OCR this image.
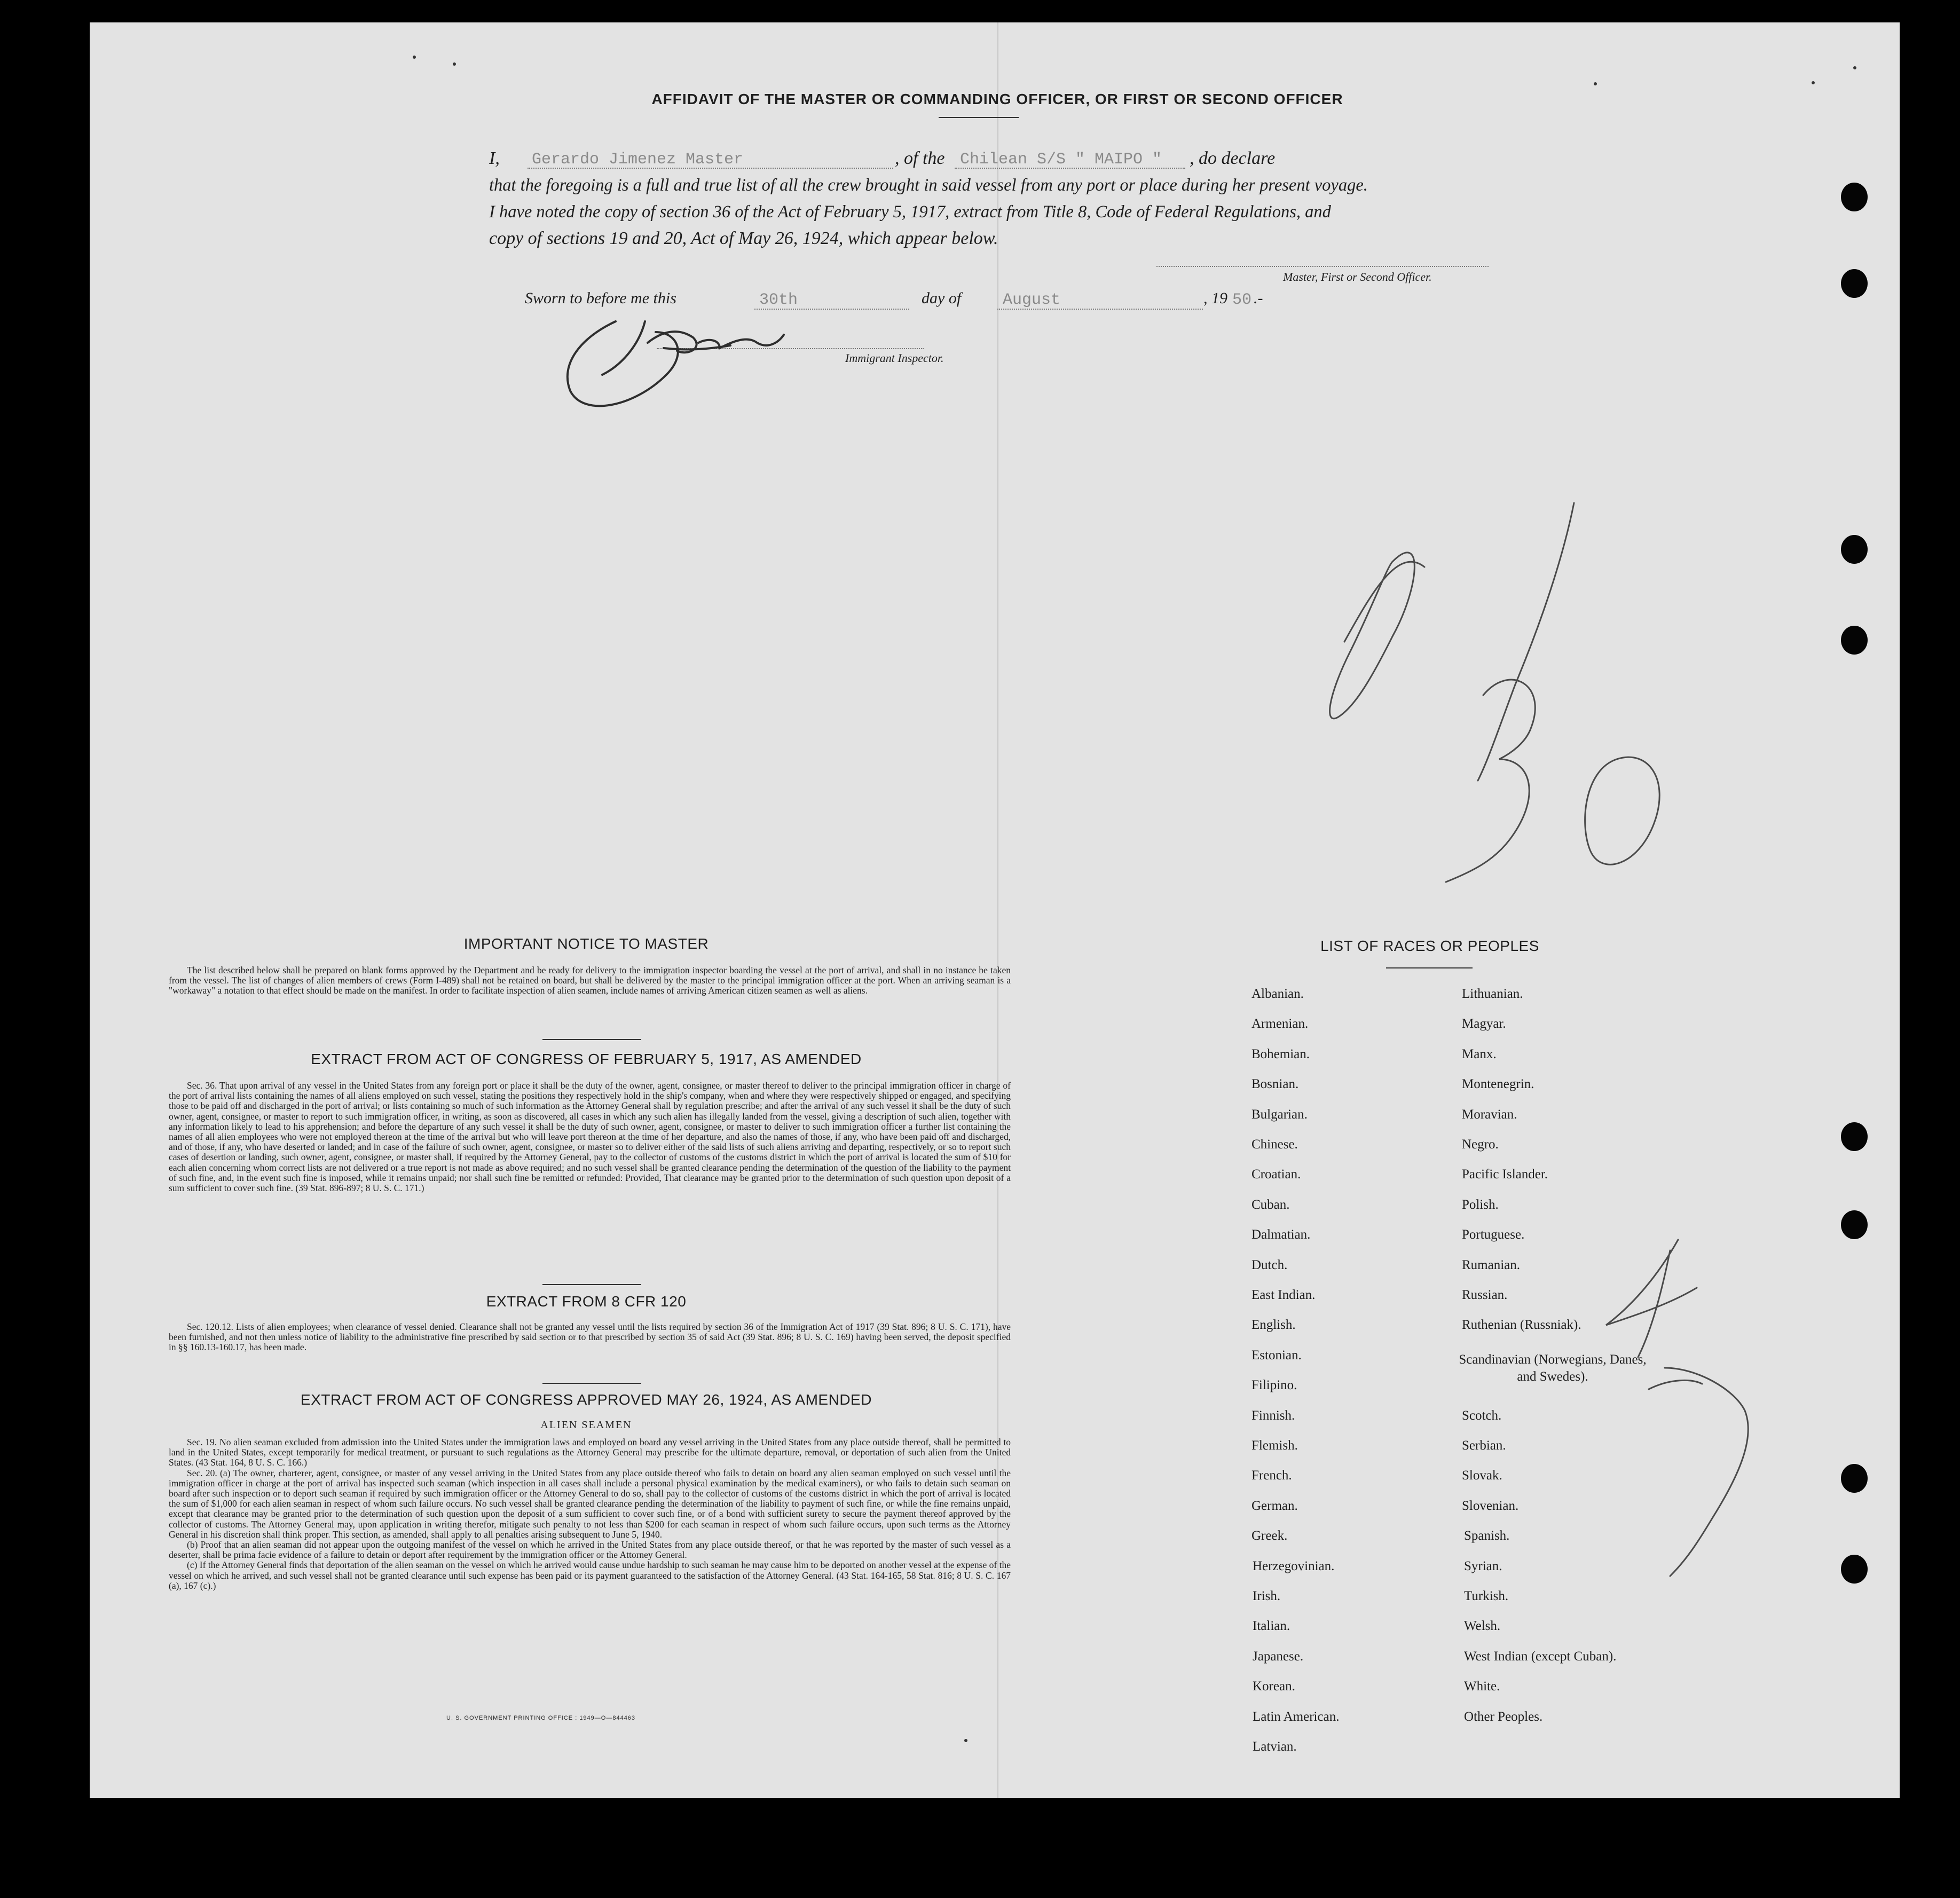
AFFIDAVIT OF THE MASTER OR COMMANDING OFFICER, OR FIRST OR SECOND OFFICER
I, Gerardo Jimenez Master	, of the Chilean S/S " MAIPO " , do declare
that the foregoing is a full and true list of all the crew brought in said vessel from any port or place during her present voyage.
I have noted the copy of section 36 of the Act of February 5, 1917, extract from Title 8, Code of Federal Regulations, and
copy of sections 19 and 20, Act of May 26, 1924, which appear below.
Master, First or Second Officer.
Sworn to before me this	30th	day of	August	, 19 50 .-
Immigrant Inspector.
IMPORTANT NOTICE TO MASTER

The list described below shall be prepared on blank forms approved by the Department and be ready for delivery to the immigration inspector boarding the vessel at the port of arrival, and shall in no instance be taken from the vessel. The list of changes of alien members of crews (Form I-489) shall not be retained on board, but shall be delivered by the master to the principal immigration officer at the port. When an arriving seaman is a "workaway" a notation to that effect should be made on the manifest. In order to facilitate inspection of alien seamen, include names of arriving American citizen seamen as well as aliens.

EXTRACT FROM ACT OF CONGRESS OF FEBRUARY 5, 1917, AS AMENDED

Sec. 36. That upon arrival of any vessel in the United States from any foreign port or place it shall be the duty of the owner, agent, consignee, or master thereof to deliver to the principal immigration officer in charge of the port of arrival lists containing the names of all aliens employed on such vessel, stating the positions they respectively hold in the ship's company, when and where they were respectively shipped or engaged, and specifying those to be paid off and discharged in the port of arrival; or lists containing so much of such information as the Attorney General shall by regulation prescribe; and after the arrival of any such vessel it shall be the duty of such owner, agent, consignee, or master to report to such immigration officer, in writing, as soon as discovered, all cases in which any such alien has illegally landed from the vessel, giving a description of such alien, together with any information likely to lead to his apprehension; and before the departure of any such vessel it shall be the duty of such owner, agent, consignee, or master to deliver to such immigration officer a further list containing the names of all alien employees who were not employed thereon at the time of the arrival but who will leave port thereon at the time of her departure, and also the names of those, if any, who have been paid off and discharged, and of those, if any, who have deserted or landed; and in case of the failure of such owner, agent, consignee, or master so to deliver either of the said lists of such aliens arriving and departing, respectively, or so to report such cases of desertion or landing, such owner, agent, consignee, or master shall, if required by the Attorney General, pay to the collector of customs of the customs district in which the port of arrival is located the sum of $10 for each alien concerning whom correct lists are not delivered or a true report is not made as above required; and no such vessel shall be granted clearance pending the determination of the question of the liability to the payment of such fine, and, in the event such fine is imposed, while it remains unpaid; nor shall such fine be remitted or refunded: Provided, That clearance may be granted prior to the determination of such question upon deposit of a sum sufficient to cover such fine. (39 Stat. 896-897; 8 U. S. C. 171.)

EXTRACT FROM 8 CFR 120

Sec. 120.12. Lists of alien employees; when clearance of vessel denied. Clearance shall not be granted any vessel until the lists required by section 36 of the Immigration Act of 1917 (39 Stat. 896; 8 U. S. C. 171), have been furnished, and not then unless notice of liability to the administrative fine prescribed by said section or to that prescribed by section 35 of said Act (39 Stat. 896; 8 U. S. C. 169) having been served, the deposit specified in §§ 160.13-160.17, has been made.

EXTRACT FROM ACT OF CONGRESS APPROVED MAY 26, 1924, AS AMENDED
ALIEN SEAMEN

Sec. 19. No alien seaman excluded from admission into the United States under the immigration laws and employed on board any vessel arriving in the United States from any place outside thereof, shall be permitted to land in the United States, except temporarily for medical treatment, or pursuant to such regulations as the Attorney General may prescribe for the ultimate departure, removal, or deportation of such alien from the United States. (43 Stat. 164, 8 U. S. C. 166.)

Sec. 20. (a) The owner, charterer, agent, consignee, or master of any vessel arriving in the United States from any place outside thereof who fails to detain on board any alien seaman employed on such vessel until the immigration officer in charge at the port of arrival has inspected such seaman (which inspection in all cases shall include a personal physical examination by the medical examiners), or who fails to detain such seaman on board after such inspection or to deport such seaman if required by such immigration officer or the Attorney General to do so, shall pay to the collector of customs of the customs district in which the port of arrival is located the sum of $1,000 for each alien seaman in respect of whom such failure occurs. No such vessel shall be granted clearance pending the determination of the liability to payment of such fine, or while the fine remains unpaid, except that clearance may be granted prior to the determination of such question upon the deposit of a sum sufficient to cover such fine, or of a bond with sufficient surety to secure the payment thereof approved by the collector of customs. The Attorney General may, upon application in writing therefor, mitigate such penalty to not less than $200 for each seaman in respect of whom such failure occurs, upon such terms as the Attorney General in his discretion shall think proper. This section, as amended, shall apply to all penalties arising subsequent to June 5, 1940.

(b) Proof that an alien seaman did not appear upon the outgoing manifest of the vessel on which he arrived in the United States from any place outside thereof, or that he was reported by the master of such vessel as a deserter, shall be prima facie evidence of a failure to detain or deport after requirement by the immigration officer or the Attorney General.

(c) If the Attorney General finds that deportation of the alien seaman on the vessel on which he arrived would cause undue hardship to such seaman he may cause him to be deported on another vessel at the expense of the vessel on which he arrived, and such vessel shall not be granted clearance until such expense has been paid or its payment guaranteed to the satisfaction of the Attorney General. (43 Stat. 164-165, 58 Stat. 816; 8 U. S. C. 167 (a), 167 (c).)

U. S. GOVERNMENT PRINTING OFFICE : 1949—O—844463
LIST OF RACES OR PEOPLES
Albanian.
Armenian.
Bohemian.
Bosnian.
Bulgarian.
Chinese.
Croatian.
Cuban.
Dalmatian.
Dutch.
East Indian.
English.
Estonian.
Filipino.
Finnish.
Flemish.
French.
German.
Greek.
Herzegovinian.
Irish.
Italian.
Japanese.
Korean.
Latin American.
Latvian.
Lithuanian.
Magyar.
Manx.
Montenegrin.
Moravian.
Negro.
Pacific Islander.
Polish.
Portuguese.
Rumanian.
Russian.
Ruthenian (Russniak).
Scandinavian (Norwegians, Danes, and Swedes).
Scotch.
Serbian.
Slovak.
Slovenian.
Spanish.
Syrian.
Turkish.
Welsh.
West Indian (except Cuban).
White.
Other Peoples.
